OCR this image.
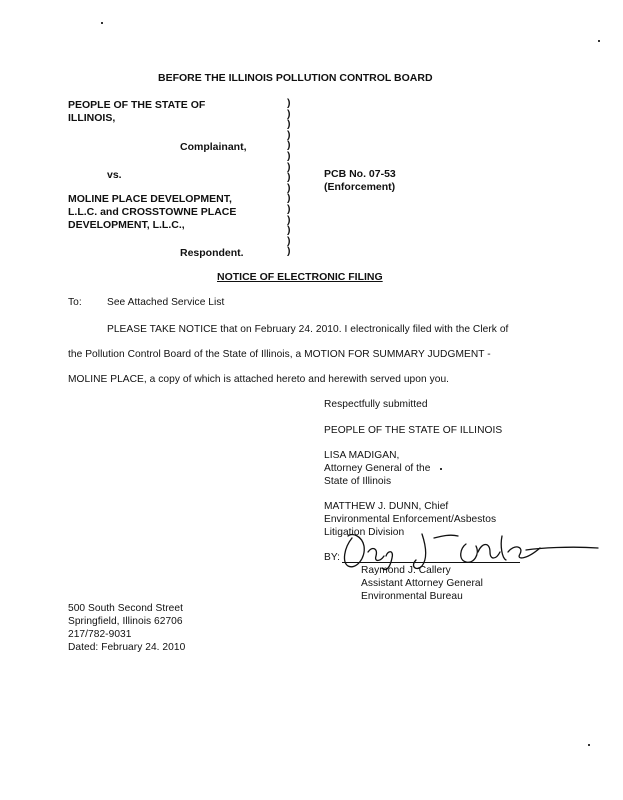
BEFORE THE ILLINOIS POLLUTION CONTROL BOARD
PEOPLE OF THE STATE OF
ILLINOIS,
Complainant,
vs.
MOLINE PLACE DEVELOPMENT,
L.L.C. and CROSSTOWNE PLACE
DEVELOPMENT, L.L.C.,
Respondent.
)
)
)
)
)
)
)
)
)
)
)
)
)
)
)
PCB No. 07-53
(Enforcement)
NOTICE OF ELECTRONIC FILING
To: See Attached Service List
PLEASE TAKE NOTICE that on February 24. 2010. I electronically filed with the Clerk of
the Pollution Control Board of the State of Illinois, a MOTION FOR SUMMARY JUDGMENT -
MOLINE PLACE, a copy of which is attached hereto and herewith served upon you.
Respectfully submitted
PEOPLE OF THE STATE OF ILLINOIS
LISA MADIGAN,
Attorney General of the
State of Illinois
MATTHEW J. DUNN, Chief
Environmental Enforcement/Asbestos
Litigation Division
BY:
Raymond J. Callery
Assistant Attorney General
Environmental Bureau
500 South Second Street
Springfield, Illinois 62706
217/782-9031
Dated: February 24. 2010
